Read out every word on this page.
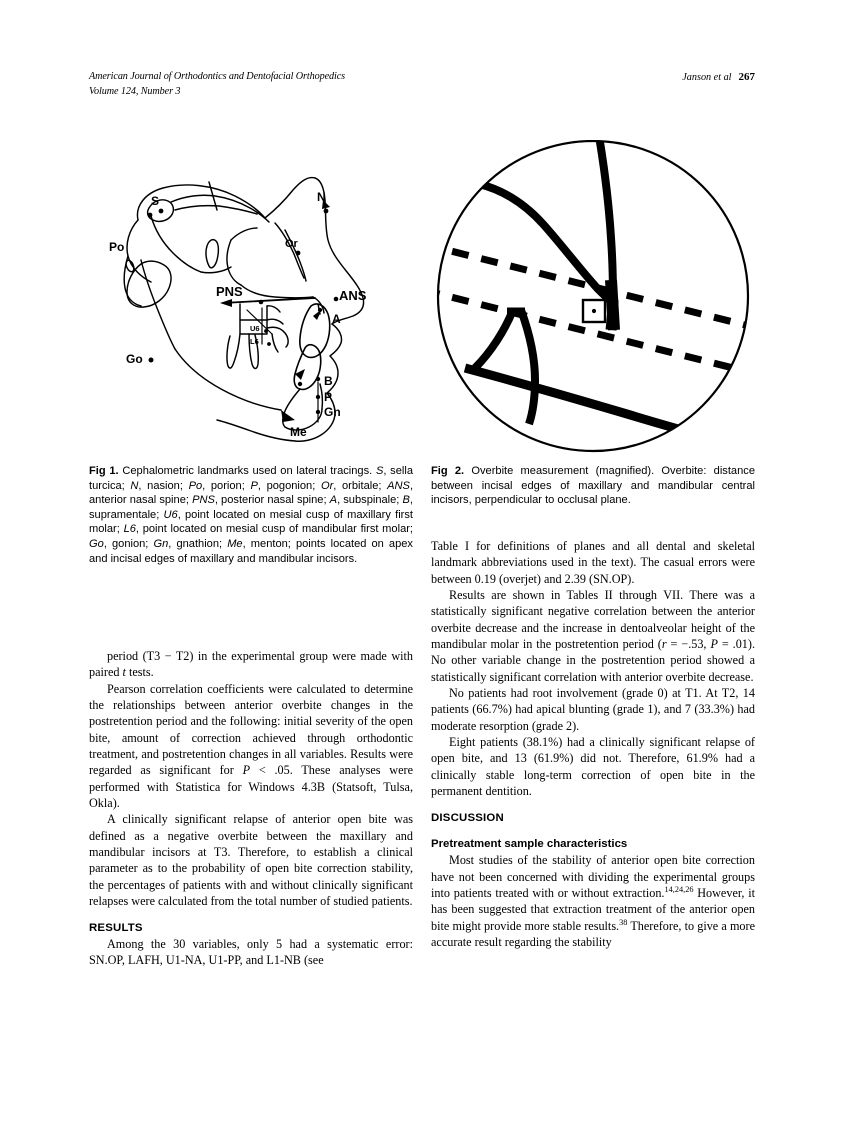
American Journal of Orthodontics and Dentofacial Orthopedics
Volume 124, Number 3
Janson et al 267
S	N
Po	Or
PNS	ANS
A
U6
L6
Go
B
P
Gn
Me
Fig 1. Cephalometric landmarks used on lateral tracings. S, sella turcica; N, nasion; Po, porion; P, pogonion; Or, orbitale; ANS, anterior nasal spine; PNS, posterior nasal spine; A, subspinale; B, supramentale; U6, point located on mesial cusp of maxillary first molar; L6, point located on mesial cusp of mandibular first molar; Go, gonion; Gn, gnathion; Me, menton; points located on apex and incisal edges of maxillary and mandibular incisors.
Fig 2. Overbite measurement (magnified). Overbite: distance between incisal edges of maxillary and mandibular central incisors, perpendicular to occlusal plane.

period (T3 − T2) in the experimental group were made with paired t tests.

Pearson correlation coefficients were calculated to determine the relationships between anterior overbite changes in the postretention period and the following: initial severity of the open bite, amount of correction achieved through orthodontic treatment, and postretention changes in all variables. Results were regarded as significant for P < .05. These analyses were performed with Statistica for Windows 4.3B (Statsoft, Tulsa, Okla).

A clinically significant relapse of anterior open bite was defined as a negative overbite between the maxillary and mandibular incisors at T3. Therefore, to establish a clinical parameter as to the probability of open bite correction stability, the percentages of patients with and without clinically significant relapses were calculated from the total number of studied patients.

RESULTS

Among the 30 variables, only 5 had a systematic error: SN.OP, LAFH, U1-NA, U1-PP, and L1-NB (see

Table I for definitions of planes and all dental and skeletal landmark abbreviations used in the text). The casual errors were between 0.19 (overjet) and 2.39 (SN.OP).

Results are shown in Tables II through VII. There was a statistically significant negative correlation between the anterior overbite decrease and the increase in dentoalveolar height of the mandibular molar in the postretention period (r = −.53, P = .01). No other variable change in the postretention period showed a statistically significant correlation with anterior overbite decrease.

No patients had root involvement (grade 0) at T1. At T2, 14 patients (66.7%) had apical blunting (grade 1), and 7 (33.3%) had moderate resorption (grade 2).

Eight patients (38.1%) had a clinically significant relapse of open bite, and 13 (61.9%) did not. Therefore, 61.9% had a clinically stable long-term correction of open bite in the permanent dentition.

DISCUSSION
Pretreatment sample characteristics

Most studies of the stability of anterior open bite correction have not been concerned with dividing the experimental groups into patients treated with or without extraction.$^{14,24,26}$ However, it has been suggested that extraction treatment of the anterior open bite might provide more stable results.$^{38}$ Therefore, to give a more accurate result regarding the stability
